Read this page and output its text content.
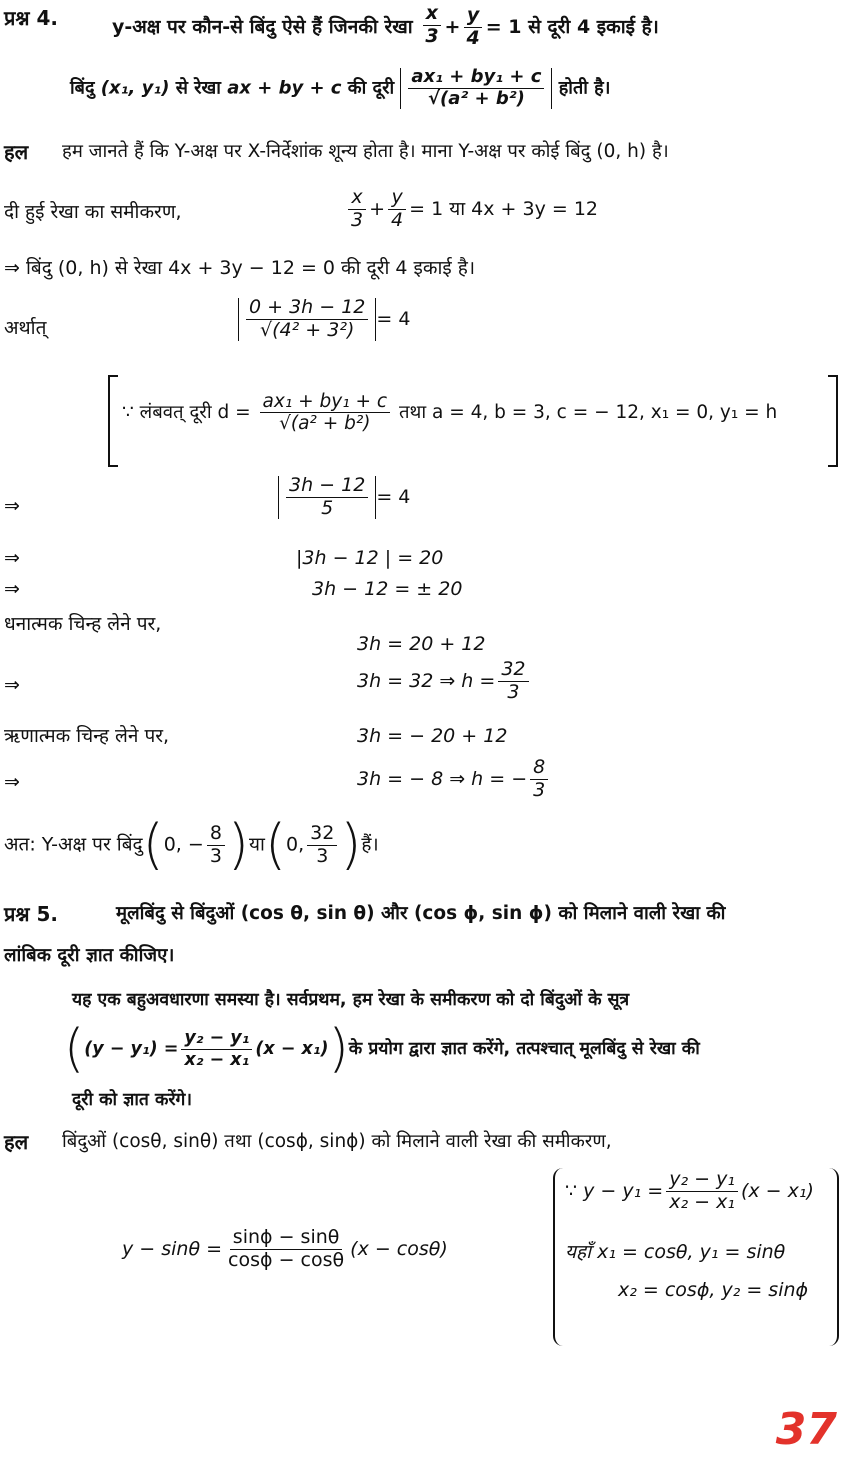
प्रश्न 4.	y-अक्ष पर कौन-से बिंदु ऐसे हैं जिनकी रेखा $\frac{x}{3} + \frac{y}{4} = 1$ से दूरी 4 इकाई है।
बिंदु (x₁, y₁) से रेखा ax + by + c की दूरी $\frac{\text{ax₁ + by₁ + c}}{\text{√(a² + b²)}}$ होती है।
हल हम जानते हैं कि Y-अक्ष पर X-निर्देशांक शून्य होता है। माना Y-अक्ष पर कोई बिंदु (0, h) है।
दी हुई रेखा का समीकरण,	$\frac{x}{3} + \frac{y}{4} = 1$ या 4x + 3y = 12
⇒ बिंदु (0, h) से रेखा 4x + 3y − 12 = 0 की दूरी 4 इकाई है।
अर्थात्	$\frac{0 + 3h - 12}{\text{√(4² + 3²)}} = 4$
∵ लंबवत् दूरी $d = \frac{\text{ax₁ + by₁ + c}}{\text{√(a² + b²)}}$ तथा a = 4, b = 3, c = − 12, x₁ = 0, y₁ = h
⇒	$\frac{3h - 12}{5} = 4$
⇒	|3h − 12 | = 20
⇒	3h − 12 = ± 20
धनात्मक चिन्ह लेने पर,
3h = 20 + 12
⇒	3h = 32 ⇒ $h = \frac{32}{3}$
ऋणात्मक चिन्ह लेने पर,	3h = − 20 + 12
⇒	3h = − 8 ⇒ h = − $\frac{8}{3}$
अत: Y-अक्ष पर बिंदु(0, − $\frac{8}{3}$ )या(0, $\frac{32}{3}$ )हैं।
प्रश्न 5.	मूलबिंदु से बिंदुओं (cos θ, sin θ) और (cos ϕ, sin ϕ) को मिलाने वाली रेखा की
लांबिक दूरी ज्ञात कीजिए।
यह एक बहुअवधारणा समस्या है। सर्वप्रथम, हम रेखा के समीकरण को दो बिंदुओं के सूत्र
($(y - y_1) = \frac{\text{y₂ − y₁}}{\text{x₂ − x₁}} (x$ − x₁))के प्रयोग द्वारा ज्ञात करेंगे, तत्पश्चात् मूलबिंदु से रेखा की
दूरी को ज्ञात करेंगे।
हल बिंदुओं (cosθ, sinθ) तथा (cosϕ, sinϕ) को मिलाने वाली रेखा की समीकरण,
$y - \sin\theta = \frac{\sin\phi - \sin\theta}{\cos\phi - \cos\theta} (x - \cos\theta)$
∵ $y - y_1 = \frac{\text{y₂ − y₁}}{\text{x₂ − x₁}} (x - x_1)$
यहाँ x₁ = cosθ, y₁ = sinθ
x₂ = cosϕ, y₂ = sinϕ
37
